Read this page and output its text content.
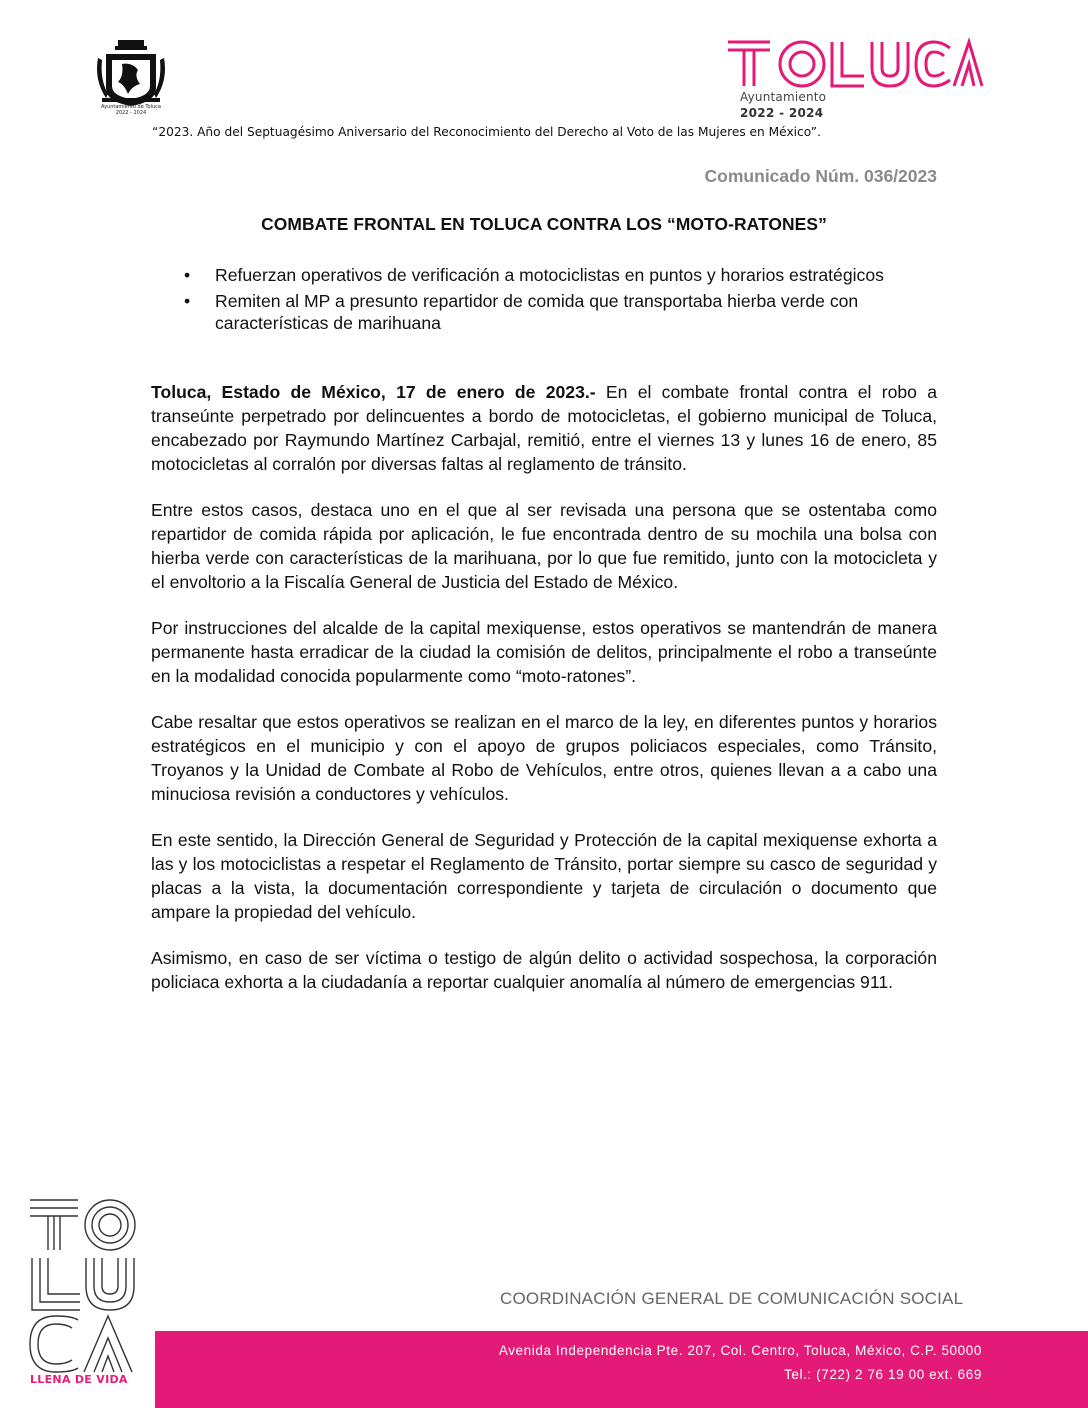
Ayuntamiento de Toluca
2022 - 2024
Ayuntamiento
2022 - 2024
“2023. Año del Septuagésimo Aniversario del Reconocimiento del Derecho al Voto de las Mujeres en México”.
Comunicado Núm. 036/2023
COMBATE FRONTAL EN TOLUCA CONTRA LOS “MOTO-RATONES”
• Refuerzan operativos de verificación a motociclistas en puntos y horarios estratégicos
• Remiten al MP a presunto repartidor de comida que transportaba hierba verde con características de marihuana

Toluca, Estado de México, 17 de enero de 2023.- En el combate frontal contra el robo a transeúnte perpetrado por delincuentes a bordo de motocicletas, el gobierno municipal de Toluca, encabezado por Raymundo Martínez Carbajal, remitió, entre el viernes 13 y lunes 16 de enero, 85 motocicletas al corralón por diversas faltas al reglamento de tránsito.

Entre estos casos, destaca uno en el que al ser revisada una persona que se ostentaba como repartidor de comida rápida por aplicación, le fue encontrada dentro de su mochila una bolsa con hierba verde con características de la marihuana, por lo que fue remitido, junto con la motocicleta y el envoltorio a la Fiscalía General de Justicia del Estado de México.

Por instrucciones del alcalde de la capital mexiquense, estos operativos se mantendrán de manera permanente hasta erradicar de la ciudad la comisión de delitos, principalmente el robo a transeúnte en la modalidad conocida popularmente como “moto-ratones”.

Cabe resaltar que estos operativos se realizan en el marco de la ley, en diferentes puntos y horarios estratégicos en el municipio y con el apoyo de grupos policiacos especiales, como Tránsito, Troyanos y la Unidad de Combate al Robo de Vehículos, entre otros, quienes llevan a a cabo una minuciosa revisión a conductores y vehículos.

En este sentido, la Dirección General de Seguridad y Protección de la capital mexiquense exhorta a las y los motociclistas a respetar el Reglamento de Tránsito, portar siempre su casco de seguridad y placas a la vista, la documentación correspondiente y tarjeta de circulación o documento que ampare la propiedad del vehículo.

Asimismo, en caso de ser víctima o testigo de algún delito o actividad sospechosa, la corporación policiaca exhorta a la ciudadanía a reportar cualquier anomalía al número de emergencias 911.

LLENA DE VIDA
COORDINACIÓN GENERAL DE COMUNICACIÓN SOCIAL
Avenida Independencia Pte. 207, Col. Centro, Toluca, México, C.P. 50000
Tel.: (722) 2 76 19 00 ext. 669
